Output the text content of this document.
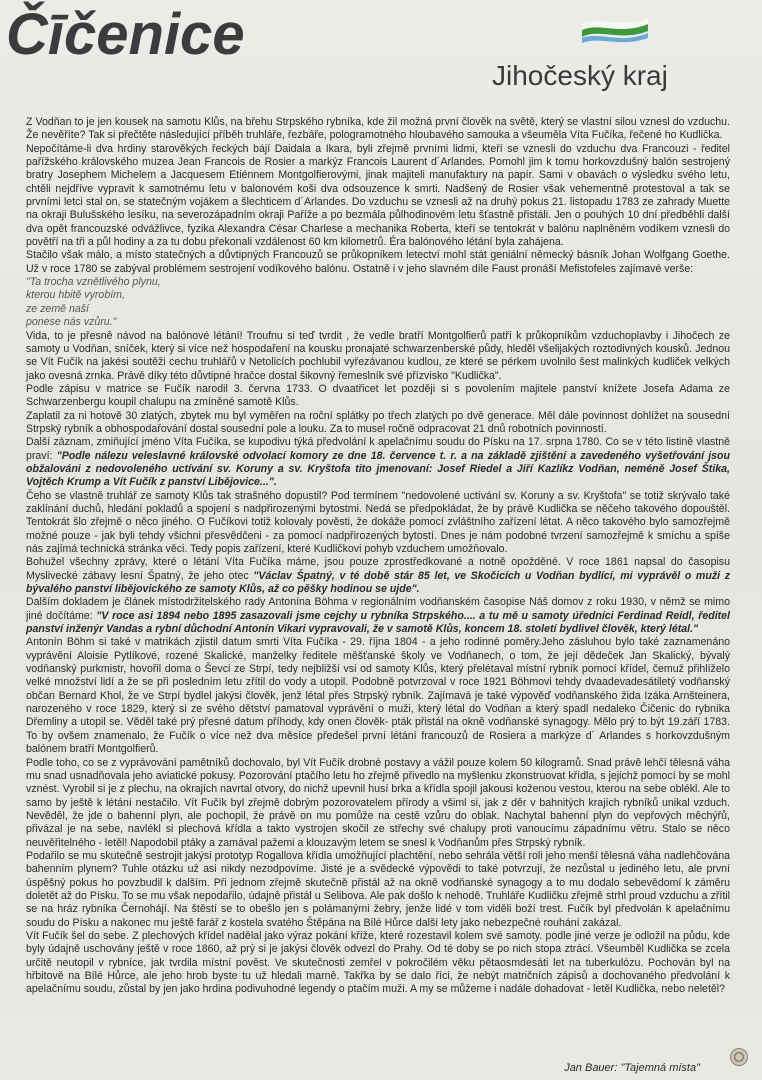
Čīčenice
Jihočeský kraj

Z Vodňan to je jen kousek na samotu Klůs, na břehu Strpského rybníka, kde žil možná první člověk na světě, který se vlastní silou vznesl do vzduchu. Že nevěříte? Tak si přečtěte následující příběh truhláře, řezbáře, pologramotného hloubavého samouka a všeuměla Víta Fučíka, řečené ho Kudlička.

Nepočítáme-li dva hrdiny starověkých řeckých bájí Daidala a Ikara, byli zřejmě prvními lidmi, kteří se vznesli do vzduchu dva Francouzi - ředitel pařížského královského muzea Jean Francois de Rosier a markýz Francois Laurent d´Arlandes. Pomohl jim k tomu horkovzdušný balón sestrojený bratry Josephem Michelem a Jacquesem Etiénnem Montgolfierovými, jinak majiteli manufaktury na papír. Sami v obavách o výsledku svého letu, chtěli nejdříve vypravit k samotnému letu v balonovém koši dva odsouzence k smrti. Nadšený de Rosier však vehementně protestoval a tak se prvními letci stal on, se statečným vojákem a šlechticem d´Arlandes. Do vzduchu se vznesli až na druhý pokus 21. listopadu 1783 ze zahrady Muette na okraji Bulušského lesíku, na severozápadním okraji Paříže a po bezmála půlhodinovém letu šťastně přistáli. Jen o pouhých 10 dní předběhli další dva opět francouzské odvážlivce, fyzika Alexandra César Charlese a mechanika Roberta, kteří se tentokrát v balónu naplněném vodíkem vznesli do povětří na tři a půl hodiny a za tu dobu překonali vzdálenost 60 km kilometrů. Éra balónového létání byla zahájena.

Stačilo však málo, a místo statečných a důvtipných Francouzů se průkopníkem letectví mohl stát geniální německý básník Johan Wolfgang Goethe. Už v roce 1780 se zabýval problémem sestrojení vodíkového balónu. Ostatně i v jeho slavném díle Faust pronáší Mefistofeles zajímavé verše:

"Ta trocha vznětlivého plynu,
kterou hbitě vyrobím,
ze země naší
ponese nás vzůru."

Vida, to je přesně návod na balónové létání! Troufnu si teď tvrdit , že vedle bratří Montgolfierů patří k průkopníkům vzduchoplavby i Jihočech ze samoty u Vodňan, sníček, který si více než hospodaření na kousku pronajaté schwarzenberské půdy, hleděl všelijakých roztodivných kousků. Jednou se Vít Fučík na jakési soutěži cechu truhlářů v Netolicích pochlubil vyřezávanou kudlou, ze které se pérkem uvolnilo šest malinkých kudliček velkých jako ovesná zrnka. Právě díky této důvtipné hračce dostal šikovný řemeslník své přízvisko "Kudlička".

Podle zápisu v matrice se Fučík narodil 3. června 1733. O dvaatřicet let později si s povolením majitele panství knížete Josefa Adama ze Schwarzenbergu koupil chalupu na zmíněné samotě Klůs.

Zaplatil za ni hotově 30 zlatých, zbytek mu byl vyměřen na roční splátky po třech zlatých po dvě generace. Měl dále povinnost dohlížet na sousední Strpský rybník a obhospodařování dostal sousední pole a louku. Za to musel ročně odpracovat 21 dnů robotních povinností.

Další záznam, zmiňující jméno Víta Fučíka, se kupodivu týká předvolání k apelačnímu soudu do Písku na 17. srpna 1780. Co se v této listině vlastně praví: "Podle nálezu veleslavné královské odvolací komory ze dne 18. července t. r. a na základě zjištění a zavedeného vyšetřování jsou obžalováni z nedovoleného uctívání sv. Koruny a sv. Kryštofa tito jmenovaní: Josef Riedel a Jiří Kazlíkz Vodňan, neméně Josef Štika, Vojtěch Krump a Vít Fučík z panství Libějovice...".

Čeho se vlastně truhlář ze samoty Klůs tak strašného dopustil? Pod termínem "nedovolené uctívání sv. Koruny a sv. Kryštofa" se totiž skrývalo také zaklínání duchů, hledání pokladů a spojení s nadpřirozenými bytostmi. Nedá se předpokládat, že by právě Kudlička se něčeho takového dopouštěl. Tentokrát šlo zřejmě o něco jiného. O Fučíkovi totiž kolovaly pověsti, že dokáže pomocí zvláštního zařízení létat. A něco takového bylo samozřejmě možné pouze - jak byli tehdy všichni přesvědčeni - za pomocí nadpřirozených bytostí. Dnes je nám podobné tvrzení samozřejmě k smíchu a spíše nás zajímá technická stránka věci. Tedy popis zařízení, které Kudličkovi pohyb vzduchem umožňovalo.

Bohužel všechny zprávy, které o létání Víta Fučíka máme, jsou pouze zprostředkované a notně opožděné. V roce 1861 napsal do časopisu Myslivecké zábavy lesní Špatný, že jeho otec "Václav Špatný, v té době stár 85 let, ve Skočicích u Vodňan bydlící, mi vyprávěl o muži z bývalého panství libějovického ze samoty Klůs, až co pěšky hodinou se ujde".

Dalším dokladem je článek místodržitelského rady Antonína Böhma v regionálním vodňanském časopise Náš domov z roku 1930, v němž se mimo jiné dočítáme: "V roce asi 1894 nebo 1895 zasazovali jsme cejchy u rybníka Strpského.... a tu mě u samoty úředníci Ferdinad Reidl, ředitel panství inženýr Vandas a rybní důchodní Antonín Vikari vypravovali, že v samotě Klůs, koncem 18. století bydlivel člověk, který létal."

Antonín Böhm si také v matrikách zjistil datum smrti Víta Fučíka - 29. října 1804 - a jeho rodinné poměry.Jeho zásluhou bylo také zaznamenáno vyprávění Aloisie Pytlíkové, rozené Skalické, manželky ředitele měšťanské školy ve Vodňanech, o tom, že její dědeček Jan Skalický, bývalý vodňanský purkmistr, hovořil doma o Ševci ze Strpí, tedy nejbližší vsi od samoty Klůs, který přelétaval místní rybník pomocí křídel, čemuž přihlíželo velké množství lidí a že se při posledním letu zřítil do vody a utopil. Podobně potvrzoval v roce 1921 Böhmovi tehdy dvaadevadesátiletý vodňanský občan Bernard Khol, že ve Strpí bydlel jakýsi člověk, jenž létal přes Strpský rybník. Zajímavá je také výpověď vodňanského žida Izáka Arnšteinera, narozeného v roce 1829, který si ze svého dětství pamatoval vyprávění o muži, který létal do Vodňan a který spadl nedaleko Čičenic do rybníka Dřemliny a utopil se. Věděl také prý přesné datum příhody, kdy onen člověk- pták přistál na okně vodňanské synagogy. Mělo prý to být 19.září 1783. To by ovšem znamenalo, že Fučík o více než dva měsíce předešel první létání francouzů de Rosiera a markýze d´ Arlandes s horkovzdušným balónem bratří Montgolfierů.

Podle toho, co se z vyprávování pamětníků dochovalo, byl Vít Fučík drobné postavy a vážil pouze kolem 50 kilogramů. Snad právě lehčí tělesná váha mu snad usnadňovala jeho aviatické pokusy. Pozorování ptačího letu ho zřejmě přivedlo na myšlenku zkonstruovat křídla, s jejichž pomocí by se mohl vznést. Vyrobil si je z plechu, na okrajích navrtal otvory, do nichž upevnil husí brka a křídla spojil jakousi koženou vestou, kterou na sebe oblékl. Ale to samo by ještě k létání nestačilo. Vít Fučík byl zřejmě dobrým pozorovatelem přírody a všiml si, jak z děr v bahnitých krajích rybníků unikal vzduch. Nevěděl, že jde o bahenní plyn, ale pochopil, že právě on mu pomůže na cestě vzůru do oblak. Nachytal bahenní plyn do vepřových měchýřů, přivázal je na sebe, navlékl si plechová křídla a takto vystrojen skočil ze střechy své chalupy proti vanoucímu západnímu větru. Stalo se něco neuvěřitelného - letěl! Napodobil ptáky a zamával pažemi a klouzavým letem se snesl k Vodňanům přes Strpský rybník.

Podařilo se mu skutečně sestrojit jakýsi prototyp Rogallova křídla umožňující plachtění, nebo sehrála větší roli jeho menší tělesná váha nadlehčována bahenním plynem? Tuhle otázku už asi nikdy nezodpovíme. Jisté je a svědecké výpovědi to také potvrzují, že nezůstal u jediného letu, ale první úspěšný pokus ho povzbudil k dalším. Při jednom zřejmě skutečně přistál až na okně vodňanské synagogy a to mu dodalo sebevědomí k záměru doletět až do Písku. To se mu však nepodařilo, údajně přistál u Selibova. Ale pak došlo k nehodě. Truhláře Kudličku zřejmě strhl proud vzduchu a zřítil se na hráz rybníka Černohájí. Na štěstí se to obešlo jen s polámanými žebry, jenže lidé v tom viděli boží trest. Fučík byl předvolán k apelačnímu soudu do Písku a nakonec mu ještě farář z kostela svatého Štěpána na Bílé Hůrce další lety jako nebezpečné rouhání zakázal.

Vít Fučík šel do sebe. Z plechových křídel nadělal jako výraz pokání kříže, které rozestavil kolem své samoty. podle jiné verze je odložil na půdu, kde byly údajně uschovány ještě v roce 1860, až prý si je jakýsi člověk odvezl do Prahy. Od té doby se po nich stopa ztrácí. Všeumběl Kudlička se zcela určitě neutopil v rybníce, jak tvrdila místní pověst. Ve skutečnosti zemřel v pokročilém věku pětaosmdesáti let na tuberkulózu. Pochován byl na hřbitově na Bílé Hůrce, ale jeho hrob byste tu už hledali marně. Takřka by se dalo říci, že nebýt matričních zápisů a dochovaného předvolání k apelačnímu soudu, zůstal by jen jako hrdina podivuhodné legendy o ptačím muži. A my se můžeme i nadále dohadovat - letěl Kudlička, nebo neletěl?

Jan Bauer: "Tajemná místa"
